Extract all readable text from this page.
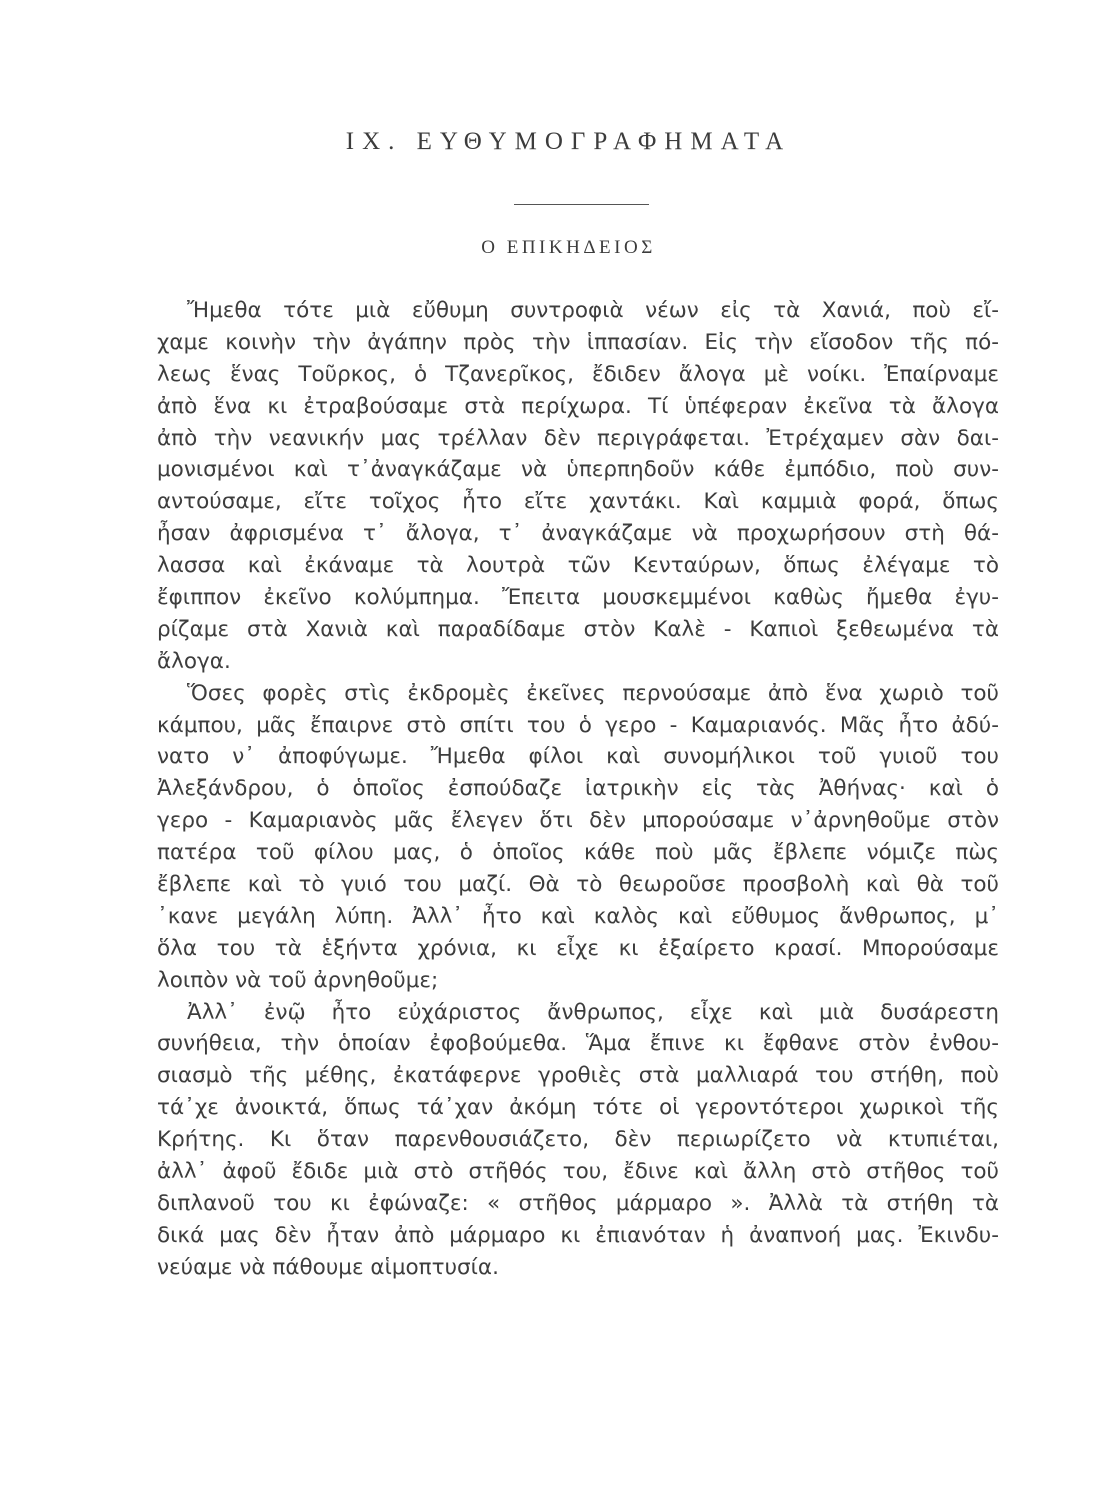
IX. ΕΥΘΥΜΟΓΡΑΦΗΜΑΤΑ
Ο ΕΠΙΚΗΔΕΙΟΣ
Ἤμεθα τότε μιὰ εὔθυμη συντροφιὰ νέων εἰς τὰ Χανιά, ποὺ εἴ-
χαμε κοινὴν τὴν ἀγάπην πρὸς τὴν ἱππασίαν. Εἰς τὴν εἴσοδον τῆς πό-
λεως ἕνας Τοῦρκος, ὁ Τζανερῖκος, ἔδιδεν ἄλογα μὲ νοίκι. Ἐπαίρναμε
ἀπὸ ἕνα κι ἐτραβούσαμε στὰ περίχωρα. Τί ὑπέφεραν ἐκεῖνα τὰ ἄλογα
ἀπὸ τὴν νεανικήν μας τρέλλαν δὲν περιγράφεται. Ἐτρέχαμεν σὰν δαι-
μονισμένοι καὶ τ᾿ἀναγκάζαμε νὰ ὑπερπηδοῦν κάθε ἐμπόδιο, ποὺ συν-
αντούσαμε, εἴτε τοῖχος ἦτο εἴτε χαντάκι. Καὶ καμμιὰ φορά, ὅπως
ἦσαν ἀφρισμένα τ᾿ ἄλογα, τ᾿ ἀναγκάζαμε νὰ προχωρήσουν στὴ θά-
λασσα καὶ ἐκάναμε τὰ λουτρὰ τῶν Κενταύρων, ὅπως ἐλέγαμε τὸ
ἔφιππον ἐκεῖνο κολύμπημα. Ἔπειτα μουσκεμμένοι καθὼς ἤμεθα ἐγυ-
ρίζαμε στὰ Χανιὰ καὶ παραδίδαμε στὸν Καλὲ - Καπιοὶ ξεθεωμένα τὰ
ἄλογα.
Ὅσες φορὲς στὶς ἐκδρομὲς ἐκεῖνες περνούσαμε ἀπὸ ἕνα χωριὸ τοῦ
κάμπου, μᾶς ἔπαιρνε στὸ σπίτι του ὁ γερο - Καμαριανός. Μᾶς ἦτο ἀδύ-
νατο ν᾿ ἀποφύγωμε. Ἤμεθα φίλοι καὶ συνομήλικοι τοῦ γυιοῦ του
Ἀλεξάνδρου, ὁ ὁποῖος ἐσπούδαζε ἰατρικὴν εἰς τὰς Ἀθήνας· καὶ ὁ
γερο - Καμαριανὸς μᾶς ἔλεγεν ὅτι δὲν μπορούσαμε ν᾿ἀρνηθοῦμε στὸν
πατέρα τοῦ φίλου μας, ὁ ὁποῖος κάθε ποὺ μᾶς ἔβλεπε νόμιζε πὼς
ἔβλεπε καὶ τὸ γυιό του μαζί. Θὰ τὸ θεωροῦσε προσβολὴ καὶ θὰ τοῦ
᾿κανε μεγάλη λύπη. Ἀλλ᾿ ἦτο καὶ καλὸς καὶ εὔθυμος ἄνθρωπος, μ᾿
ὅλα του τὰ ἑξήντα χρόνια, κι εἶχε κι ἐξαίρετο κρασί. Μπορούσαμε
λοιπὸν νὰ τοῦ ἀρνηθοῦμε;
Ἀλλ᾿ ἐνῷ ἦτο εὐχάριστος ἄνθρωπος, εἶχε καὶ μιὰ δυσάρεστη
συνήθεια, τὴν ὁποίαν ἐφοβούμεθα. Ἅμα ἔπινε κι ἔφθανε στὸν ἐνθου-
σιασμὸ τῆς μέθης, ἐκατάφερνε γροθιὲς στὰ μαλλιαρά του στήθη, ποὺ
τά᾿χε ἀνοικτά, ὅπως τά᾿χαν ἀκόμη τότε οἱ γεροντότεροι χωρικοὶ τῆς
Κρήτης. Κι ὅταν παρενθουσιάζετο, δὲν περιωρίζετο νὰ κτυπιέται,
ἀλλ᾿ ἀφοῦ ἔδιδε μιὰ στὸ στῆθός του, ἔδινε καὶ ἄλλη στὸ στῆθος τοῦ
διπλανοῦ του κι ἐφώναζε: « στῆθος μάρμαρο ». Ἀλλὰ τὰ στήθη τὰ
δικά μας δὲν ἦταν ἀπὸ μάρμαρο κι ἐπιανόταν ἡ ἀναπνοή μας. Ἐκινδυ-
νεύαμε νὰ πάθουμε αἱμοπτυσία.
